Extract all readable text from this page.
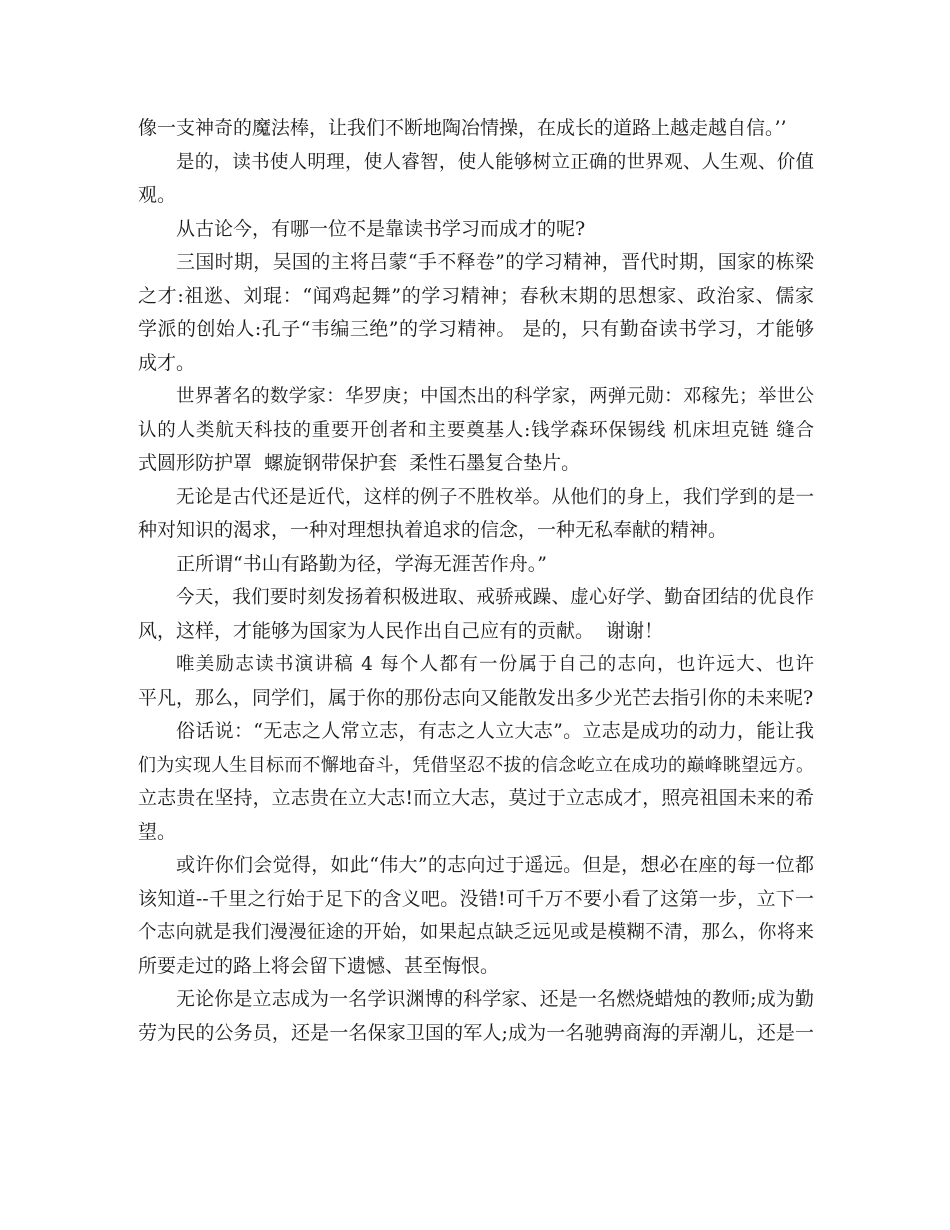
像一支神奇的魔法棒，让我们不断地陶冶情操，在成长的道路上越走越自信。’’
是的，读书使人明理，使人睿智，使人能够树立正确的世界观、人生观、价值
观。
从古论今，有哪一位不是靠读书学习而成才的呢?
三国时期，吴国的主将吕蒙“手不释卷”的学习精神，晋代时期，国家的栋梁
之才:祖逖、刘琨：“闻鸡起舞”的学习精神；春秋末期的思想家、政治家、儒家
学派的创始人:孔子“韦编三绝”的学习精神。 是的，只有勤奋读书学习，才能够
成才。
世界著名的数学家：华罗庚；中国杰出的科学家，两弹元勋：邓稼先；举世公
认的人类航天科技的重要开创者和主要奠基人:钱学森环保锡线 机床坦克链 缝合
式圆形防护罩  螺旋钢带保护套  柔性石墨复合垫片。
无论是古代还是近代，这样的例子不胜枚举。从他们的身上，我们学到的是一
种对知识的渴求，一种对理想执着追求的信念，一种无私奉献的精神。
正所谓“书山有路勤为径，学海无涯苦作舟。”
今天，我们要时刻发扬着积极进取、戒骄戒躁、虚心好学、勤奋团结的优良作
风，这样，才能够为国家为人民作出自己应有的贡献。  谢谢！
唯美励志读书演讲稿 4 每个人都有一份属于自己的志向，也许远大、也许
平凡，那么，同学们，属于你的那份志向又能散发出多少光芒去指引你的未来呢?
俗话说：“无志之人常立志，有志之人立大志”。立志是成功的动力，能让我
们为实现人生目标而不懈地奋斗，凭借坚忍不拔的信念屹立在成功的巅峰眺望远方。
立志贵在坚持，立志贵在立大志!而立大志，莫过于立志成才，照亮祖国未来的希
望。
或许你们会觉得，如此“伟大”的志向过于遥远。但是，想必在座的每一位都
该知道--千里之行始于足下的含义吧。没错!可千万不要小看了这第一步，立下一
个志向就是我们漫漫征途的开始，如果起点缺乏远见或是模糊不清，那么，你将来
所要走过的路上将会留下遗憾、甚至悔恨。
无论你是立志成为一名学识渊博的科学家、还是一名燃烧蜡烛的教师;成为勤
劳为民的公务员，还是一名保家卫国的军人;成为一名驰骋商海的弄潮儿，还是一
